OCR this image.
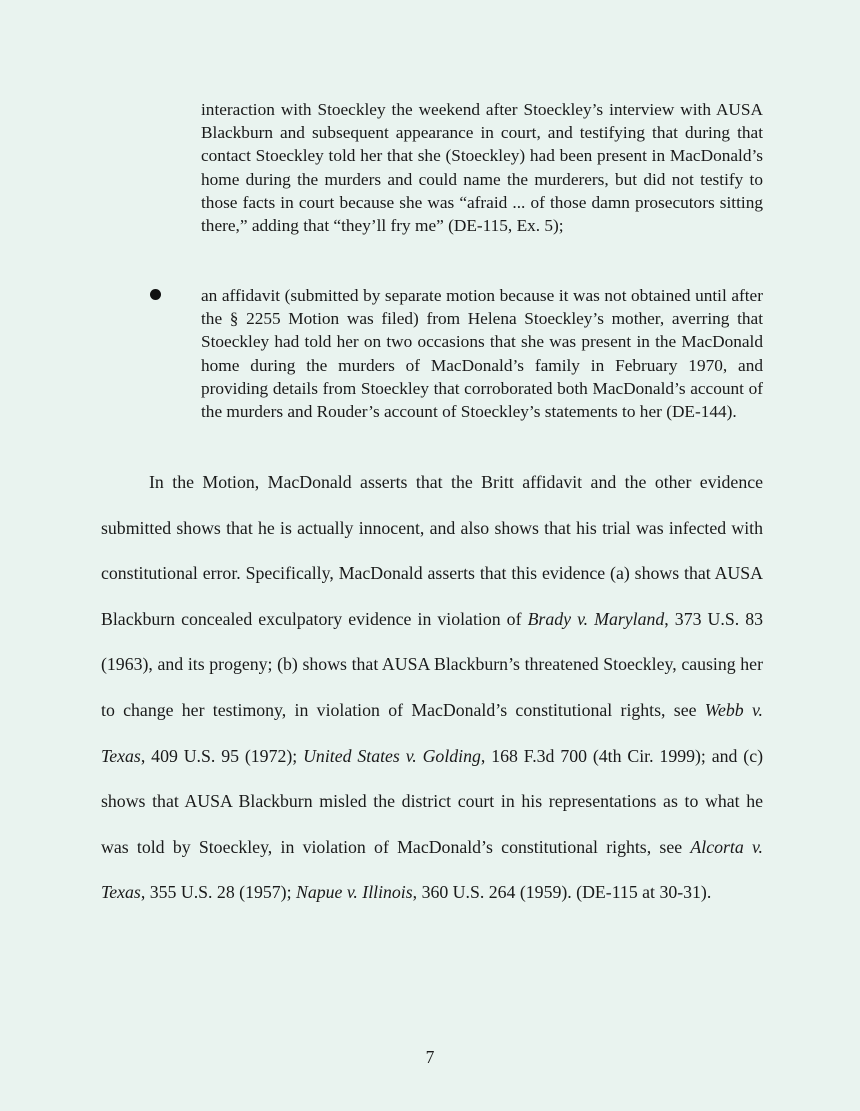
interaction with Stoeckley the weekend after Stoeckley’s interview with AUSA Blackburn and subsequent appearance in court, and testifying that during that contact Stoeckley told her that she (Stoeckley) had been present in MacDonald’s home during the murders and could name the murderers, but did not testify to those facts in court because she was “afraid ... of those damn prosecutors sitting there,” adding that “they’ll fry me” (DE-115, Ex. 5);

an affidavit (submitted by separate motion because it was not obtained until after the § 2255 Motion was filed) from Helena Stoeckley’s mother, averring that Stoeckley had told her on two occasions that she was present in the MacDonald home during the murders of MacDonald’s family in February 1970, and providing details from Stoeckley that corroborated both MacDonald’s account of the murders and Rouder’s account of Stoeckley’s statements to her (DE-144).

In the Motion, MacDonald asserts that the Britt affidavit and the other evidence submitted shows that he is actually innocent, and also shows that his trial was infected with constitutional error. Specifically, MacDonald asserts that this evidence (a) shows that AUSA Blackburn concealed exculpatory evidence in violation of Brady v. Maryland, 373 U.S. 83 (1963), and its progeny; (b) shows that AUSA Blackburn’s threatened Stoeckley, causing her to change her testimony, in violation of MacDonald’s constitutional rights, see Webb v. Texas, 409 U.S. 95 (1972); United States v. Golding, 168 F.3d 700 (4th Cir. 1999); and (c) shows that AUSA Blackburn misled the district court in his representations as to what he was told by Stoeckley, in violation of MacDonald’s constitutional rights, see Alcorta v. Texas, 355 U.S. 28 (1957); Napue v. Illinois, 360 U.S. 264 (1959). (DE-115 at 30-31).

7
